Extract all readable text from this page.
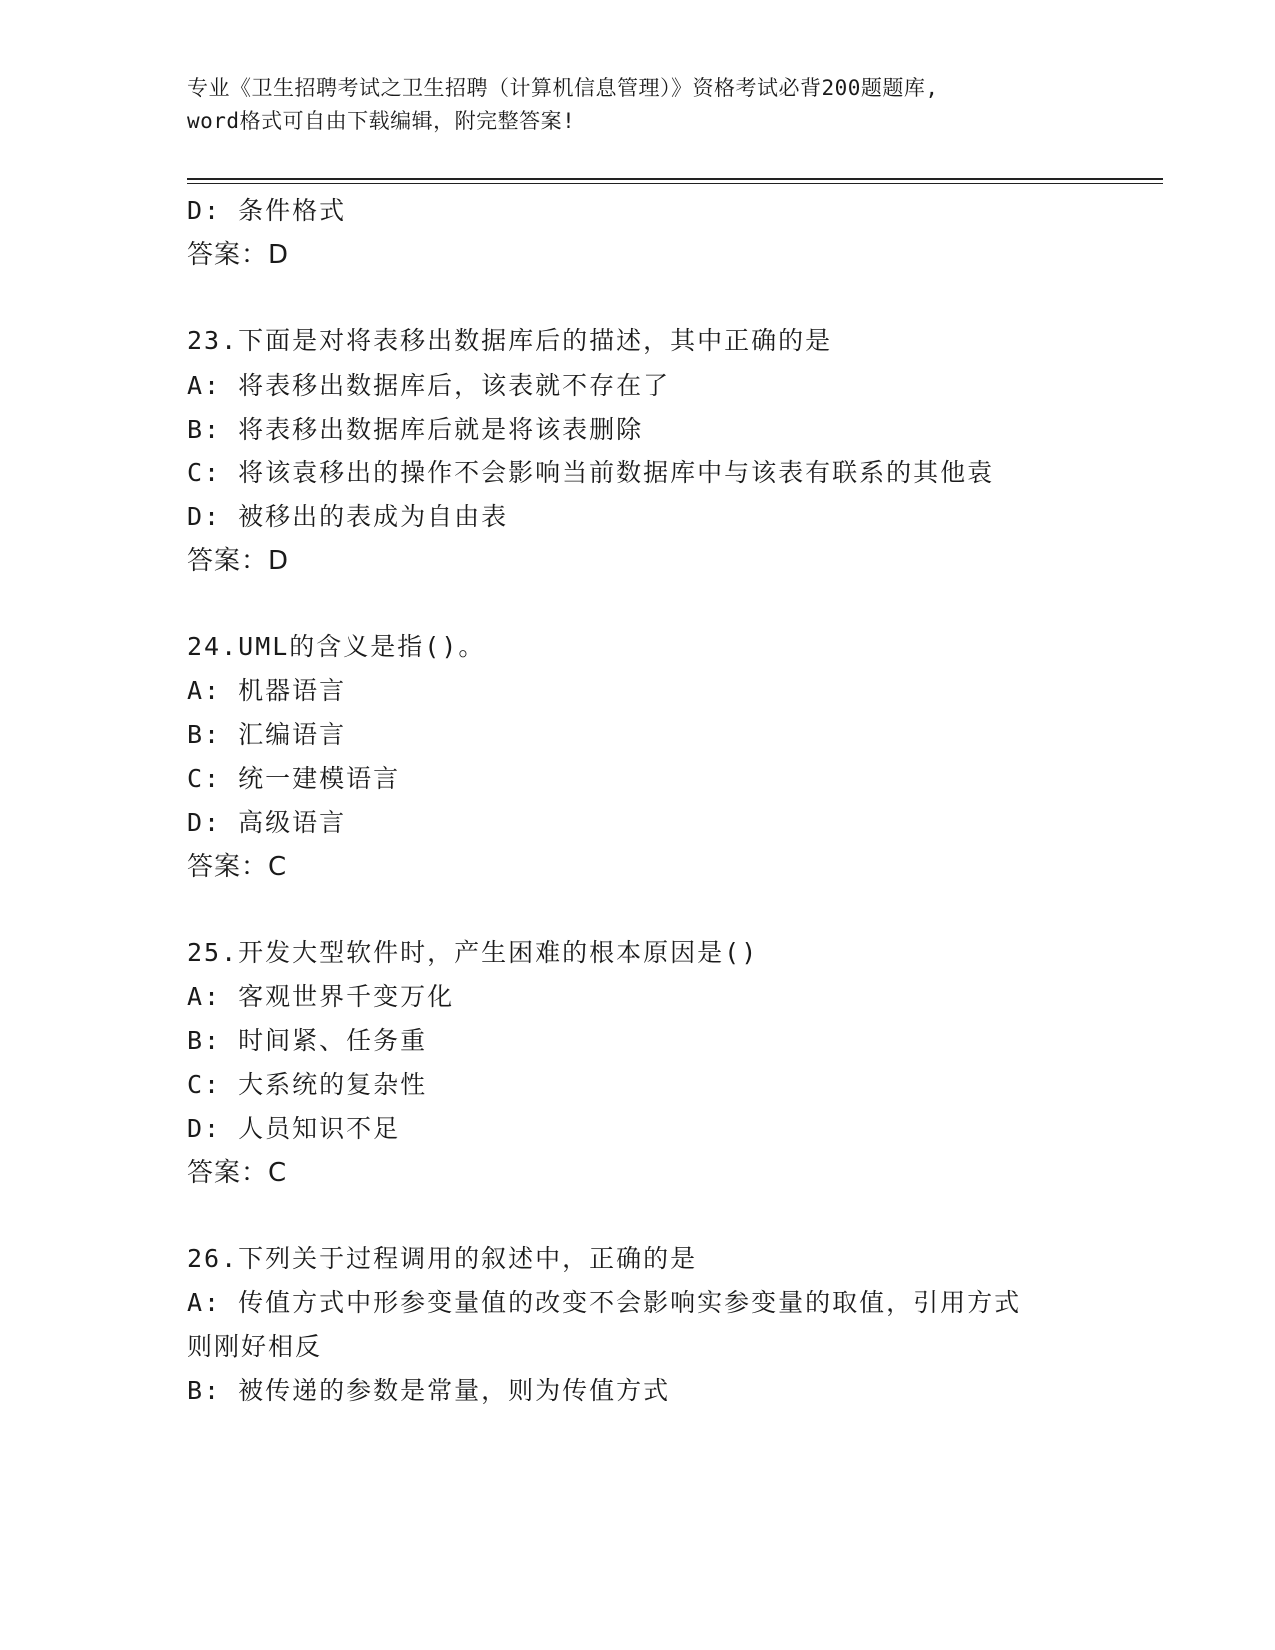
专业《卫生招聘考试之卫生招聘（计算机信息管理）》资格考试必背200题题库,
word格式可自由下载编辑，附完整答案!
D: 条件格式
答案：D
23.下面是对将表移出数据库后的描述，其中正确的是
A: 将表移出数据库后，该表就不存在了
B: 将表移出数据库后就是将该表删除
C: 将该袁移出的操作不会影响当前数据库中与该表有联系的其他袁
D: 被移出的表成为自由表
答案：D
24.UML的含义是指()。
A: 机器语言
B: 汇编语言
C: 统一建模语言
D: 高级语言
答案：C
25.开发大型软件时，产生困难的根本原因是()
A: 客观世界千变万化
B: 时间紧、任务重
C: 大系统的复杂性
D: 人员知识不足
答案：C
26.下列关于过程调用的叙述中，正确的是
A: 传值方式中形参变量值的改变不会影响实参变量的取值，引用方式
则刚好相反
B: 被传递的参数是常量，则为传值方式
